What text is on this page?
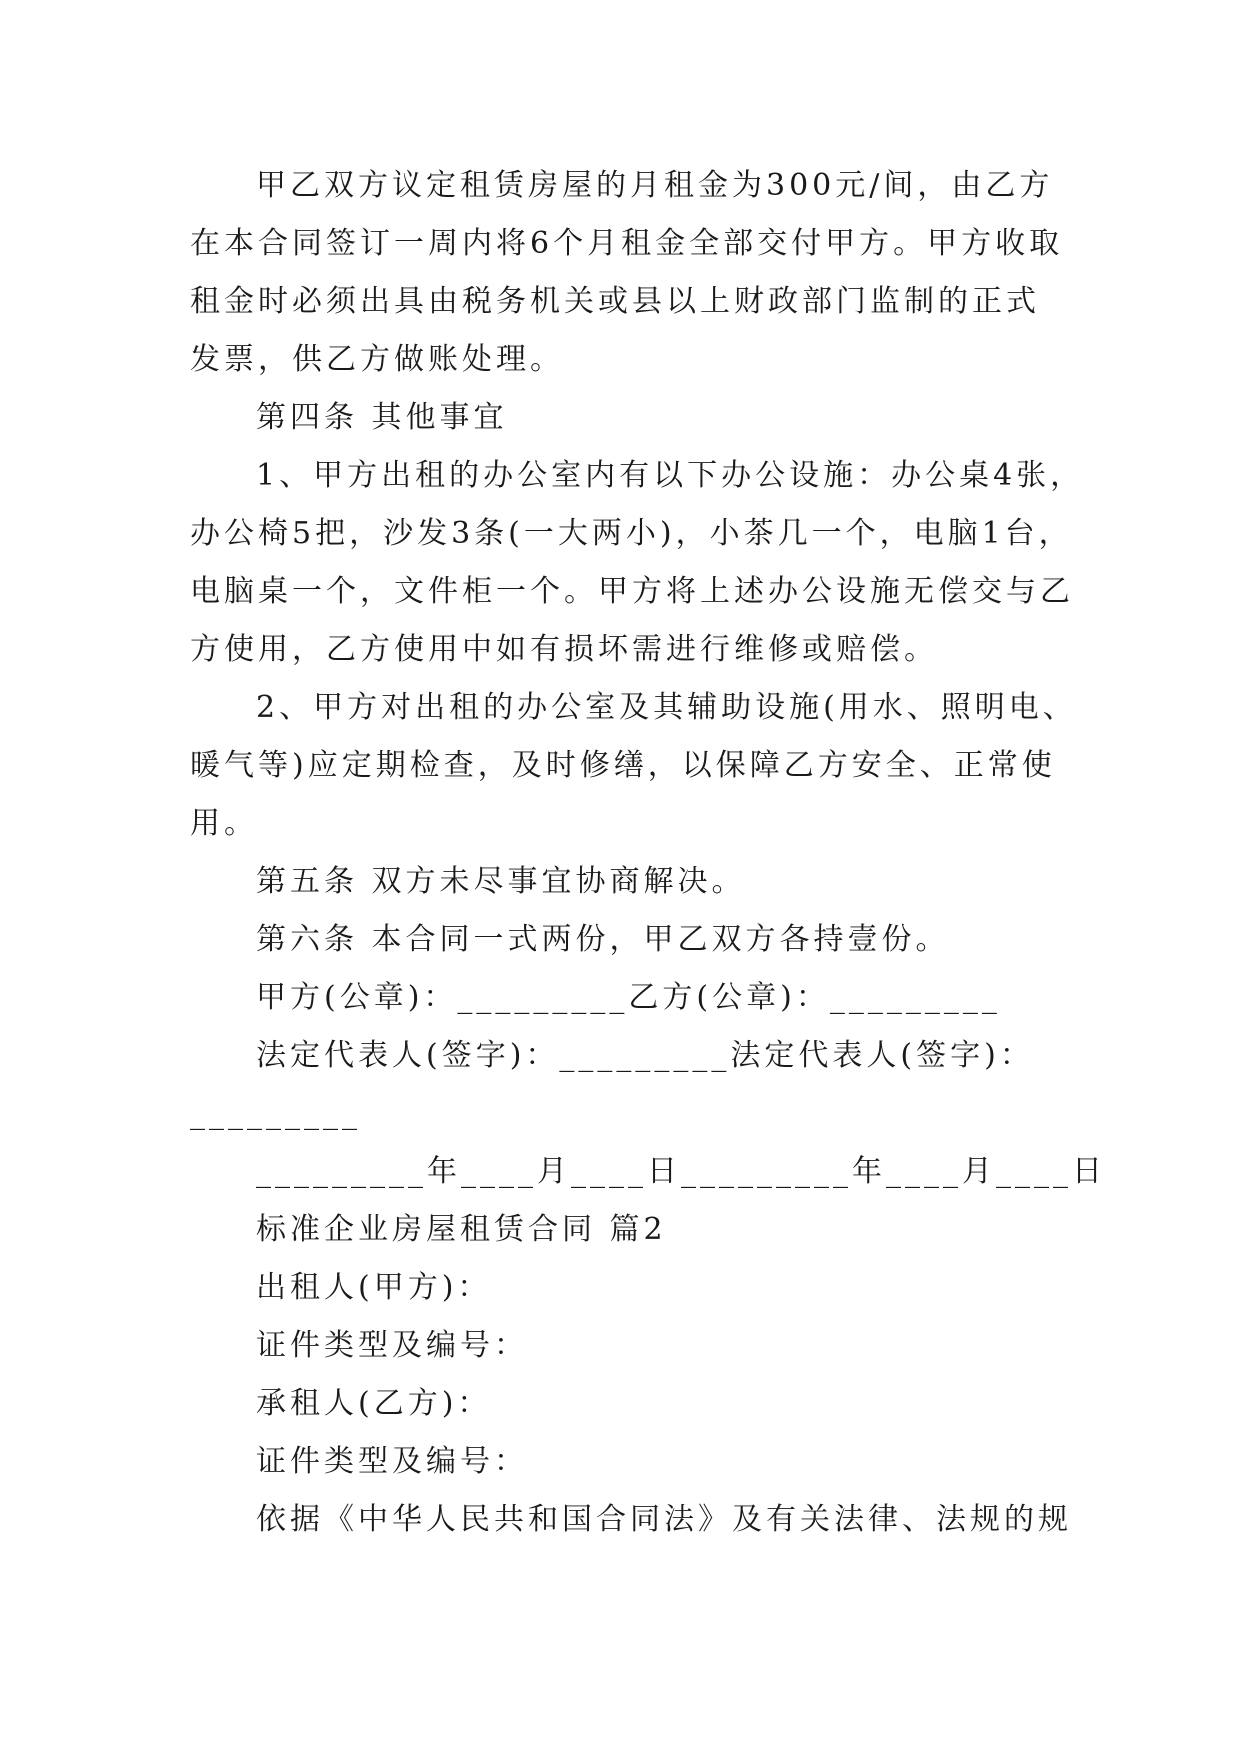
甲乙双方议定租赁房屋的月租金为300元/间，由乙方
在本合同签订一周内将6个月租金全部交付甲方。甲方收取
租金时必须出具由税务机关或县以上财政部门监制的正式
发票，供乙方做账处理。
第四条 其他事宜
1、甲方出租的办公室内有以下办公设施：办公桌4张，
办公椅5把，沙发3条(一大两小)，小茶几一个，电脑1台，
电脑桌一个，文件柜一个。甲方将上述办公设施无偿交与乙
方使用，乙方使用中如有损坏需进行维修或赔偿。
2、甲方对出租的办公室及其辅助设施(用水、照明电、
暖气等)应定期检查，及时修缮，以保障乙方安全、正常使
用。
第五条 双方未尽事宜协商解决。
第六条 本合同一式两份，甲乙双方各持壹份。
甲方(公章)：_________乙方(公章)：_________
法定代表人(签字)：_________法定代表人(签字)：
_________
_________年____月____日_________年____月____日
标准企业房屋租赁合同 篇2
出租人(甲方)：
证件类型及编号：
承租人(乙方)：
证件类型及编号：
依据《中华人民共和国合同法》及有关法律、法规的规
